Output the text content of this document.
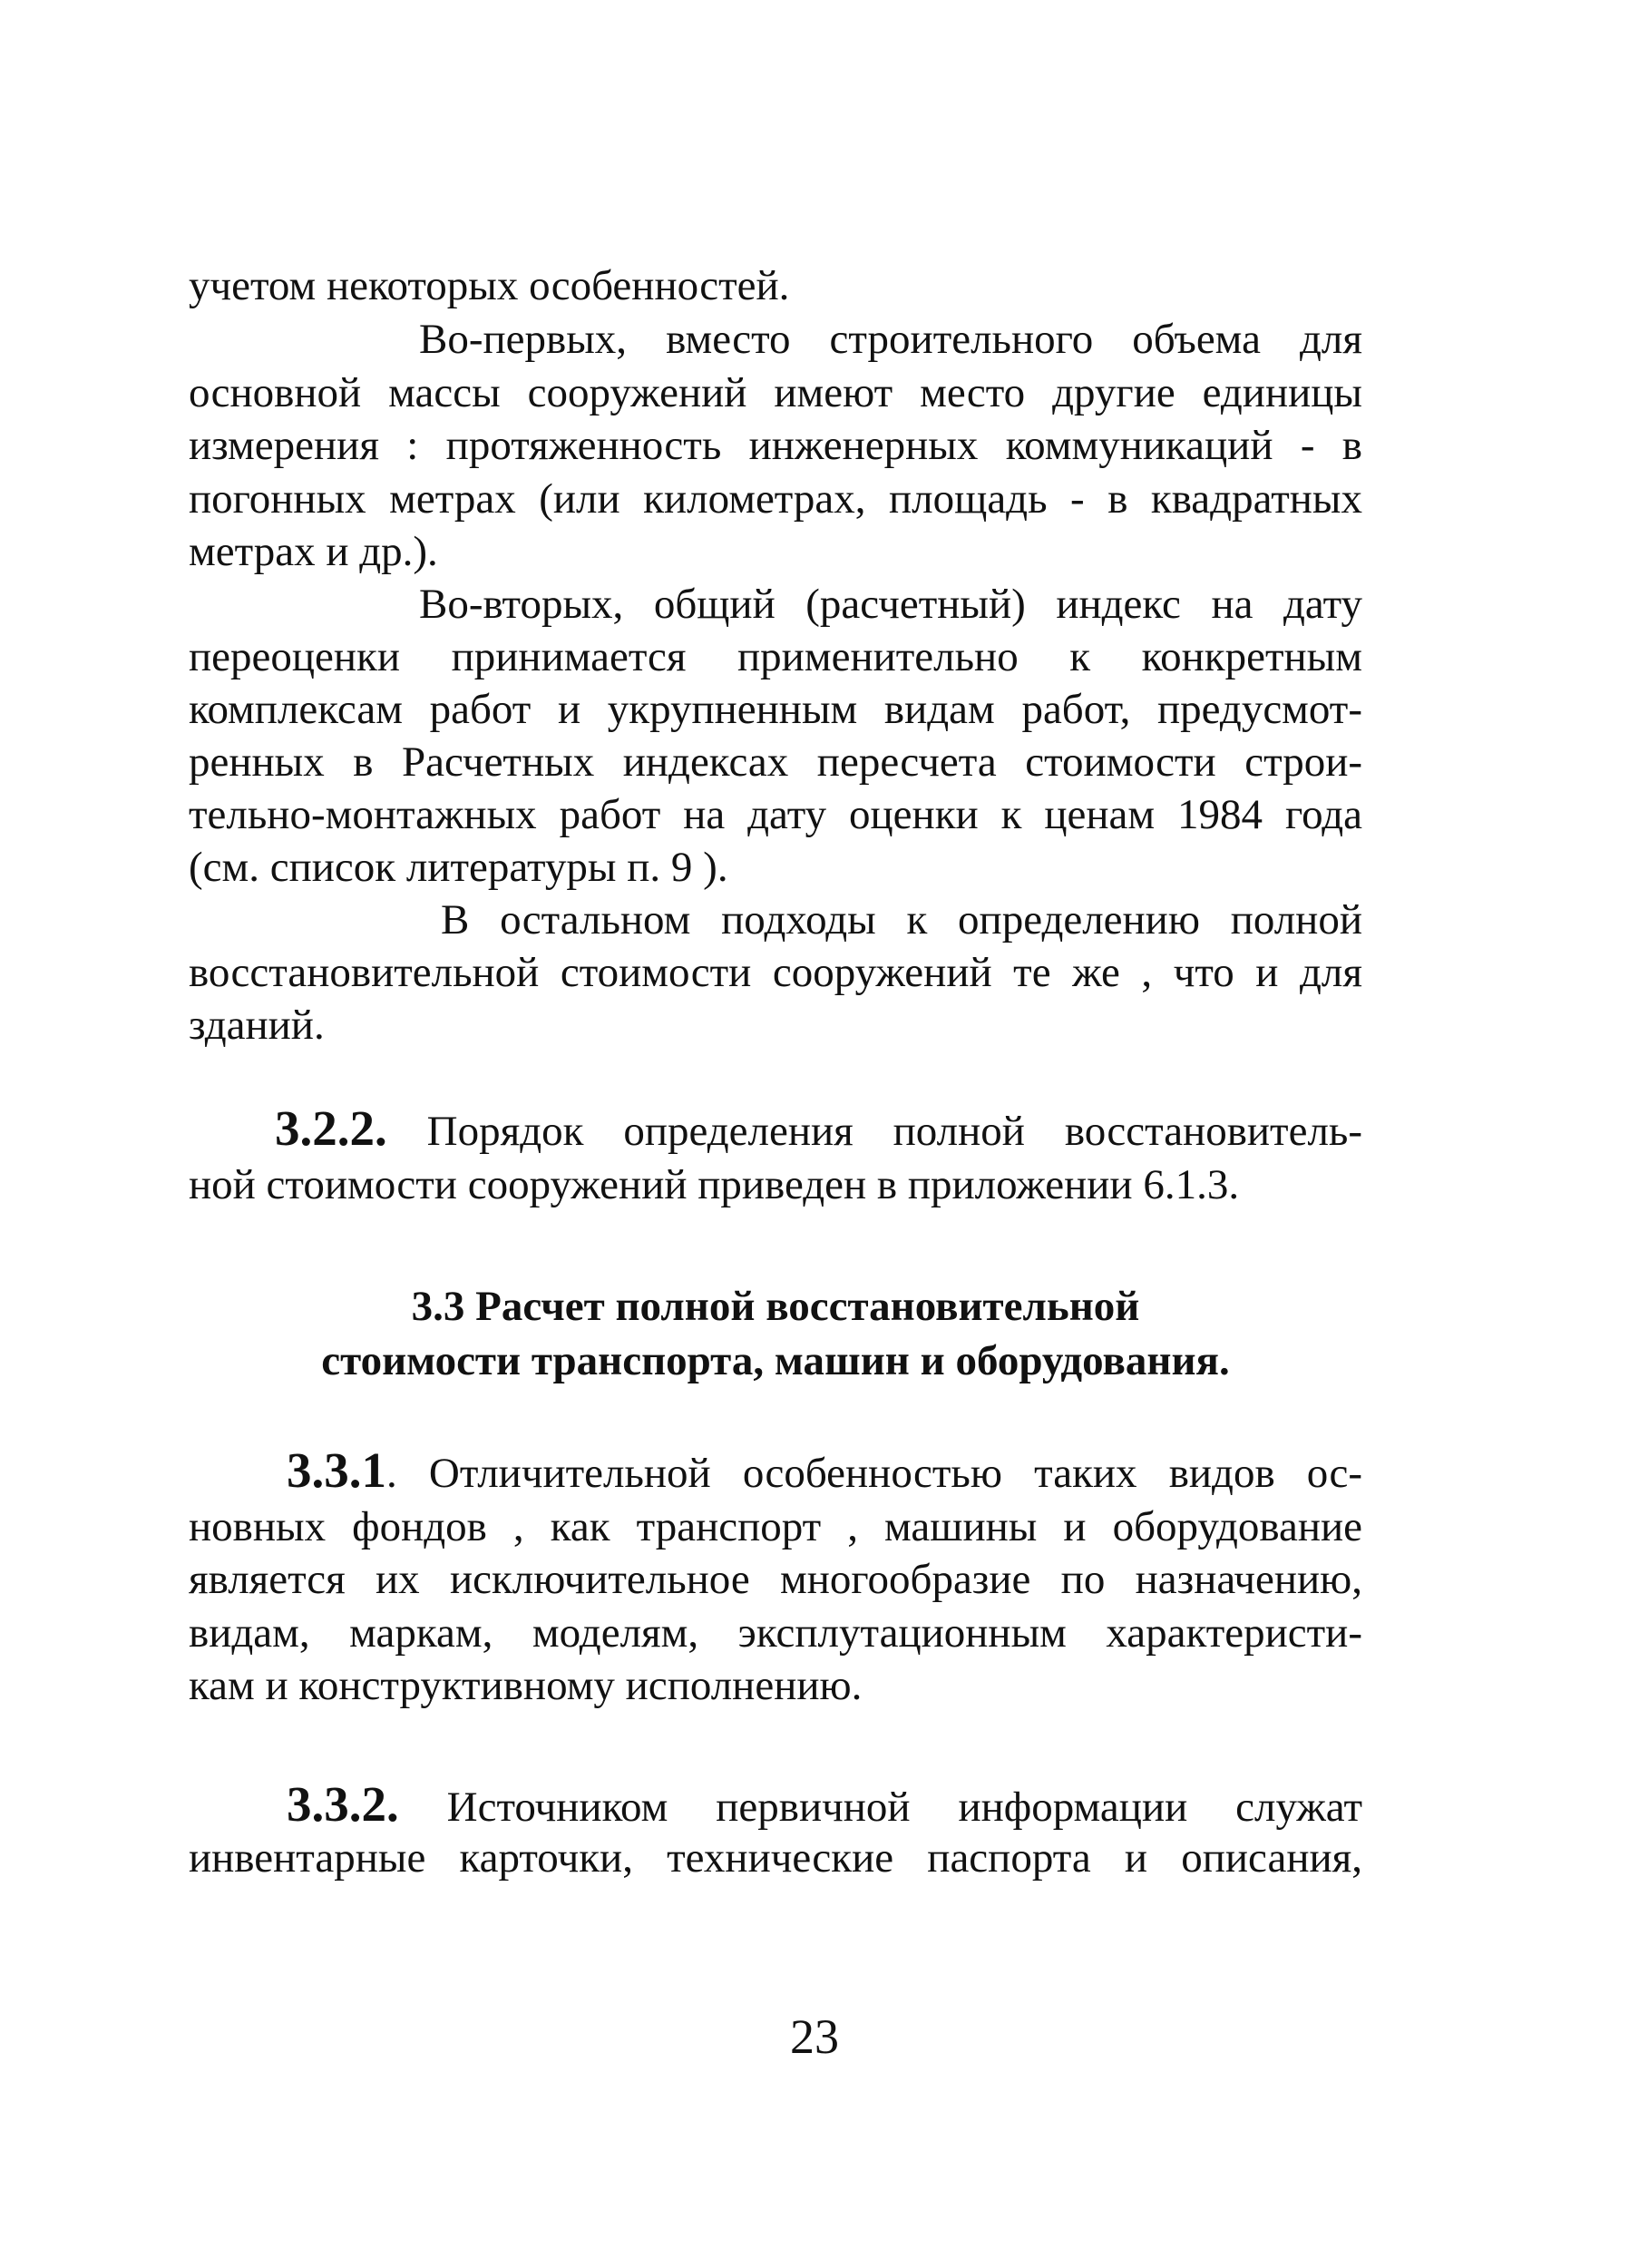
учетом некоторых особенностей.
Во-первых, вместо строительного объема для
основной массы сооружений имеют место другие единицы
измерения : протяженность инженерных коммуникаций - в
погонных метрах (или километрах, площадь - в квадратных
метрах и др.).
Во-вторых, общий (расчетный) индекс на дату
переоценки принимается применительно к конкретным
комплексам работ и укрупненным видам работ, предусмот-
ренных в Расчетных индексах пересчета стоимости строи-
тельно-монтажных работ на дату оценки к ценам 1984 года
(см. список литературы п. 9 ).
В остальном подходы к определению полной
восстановительной стоимости сооружений те же , что и для
зданий.
3.2.2. Порядок определения полной восстановитель-
ной стоимости сооружений приведен в приложении 6.1.3.
3.3 Расчет полной восстановительной
стоимости транспорта, машин и оборудования.
3.3.1. Отличительной особенностью таких видов ос-
новных фондов , как транспорт , машины и оборудование
является их исключительное многообразие по назначению,
видам, маркам, моделям, эксплутационным характеристи-
кам и конструктивному исполнению.
3.3.2. Источником первичной информации служат
инвентарные карточки, технические паспорта и описания,
23
